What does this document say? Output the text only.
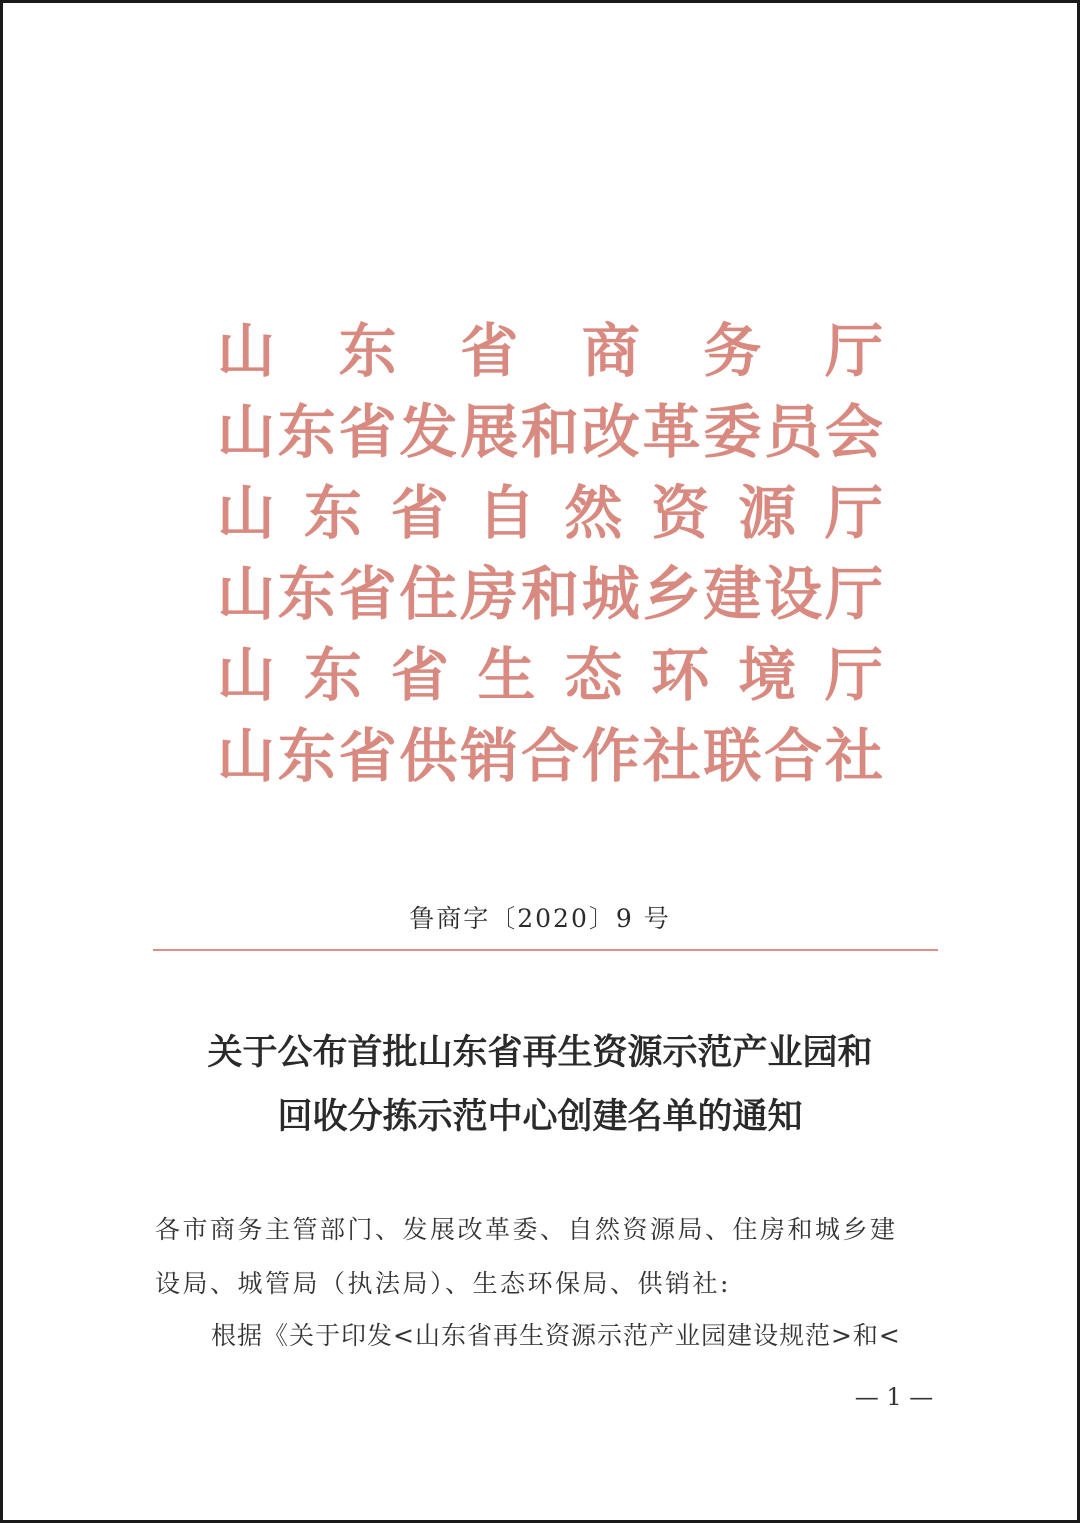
山 东 省 商 务 厅
山 东 省 发 展 和 改 革 委 员 会
山 东 省 自 然 资 源 厅
山 东 省 住 房 和 城 乡 建 设 厅
山 东 省 生 态 环 境 厅
山 东 省 供 销 合 作 社 联 合 社
鲁商字〔2020〕9 号
关于公布首批山东省再生资源示范产业园和
回收分拣示范中心创建名单的通知
各市商务主管部门、发展改革委、自然资源局、住房和城乡建
设局、城管局（执法局）、生态环保局、供销社:
根据《关于印发<山东省再生资源示范产业园建设规范>和<
— 1 —
